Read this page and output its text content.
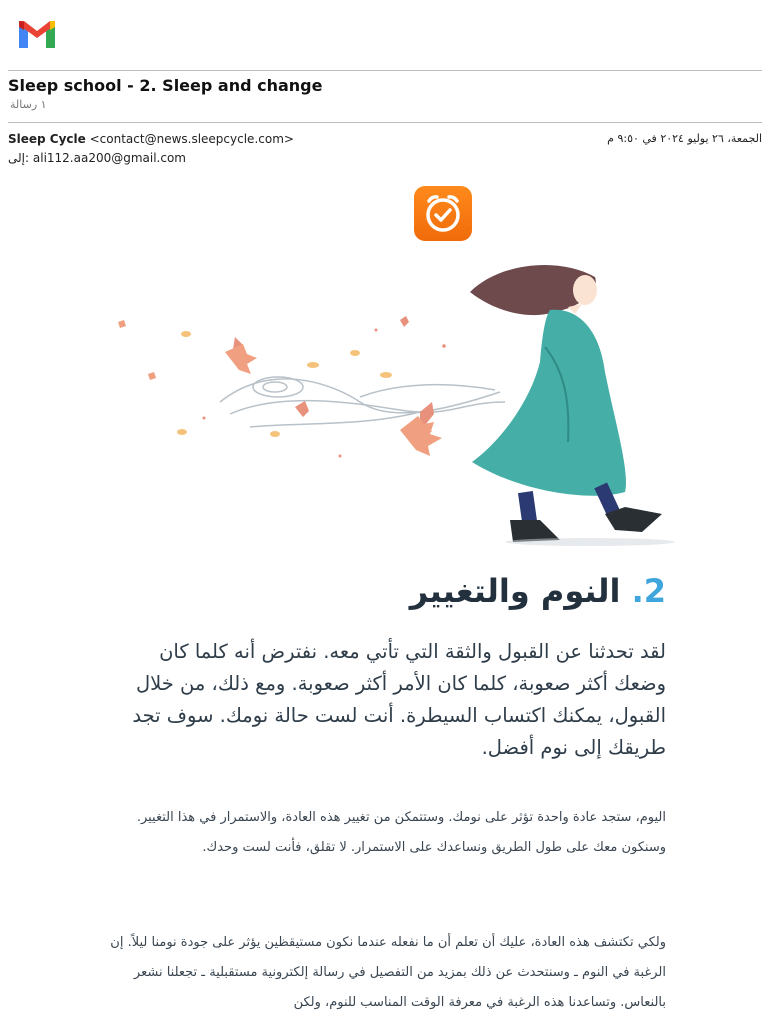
Sleep school - 2. Sleep and change
١ رسالة
Sleep Cycle <contact@news.sleepcycle.com>	الجمعة، ٢٦ يوليو ٢٠٢٤ في ٩:٥٠ م
إلى: ali112.aa200@gmail.com
2. النوم والتغيير

لقد تحدثنا عن القبول والثقة التي تأتي معه. نفترض أنه كلما كان وضعك أكثر صعوبة، كلما كان الأمر أكثر صعوبة. ومع ذلك، من خلال القبول، يمكنك اكتساب السيطرة. أنت لست حالة نومك. سوف تجد طريقك إلى نوم أفضل.

اليوم، ستجد عادة واحدة تؤثر على نومك. وستتمكن من تغيير هذه العادة، والاستمرار في هذا التغيير. وسنكون معك على طول الطريق ونساعدك على الاستمرار. لا تقلق، فأنت لست وحدك.

ولكي تكتشف هذه العادة، عليك أن تعلم أن ما نفعله عندما نكون مستيقظين يؤثر على جودة نومنا ليلاً. إن الرغبة في النوم ـ وسنتحدث عن ذلك بمزيد من التفصيل في رسالة إلكترونية مستقبلية ـ تجعلنا نشعر بالنعاس. وتساعدنا هذه الرغبة في معرفة الوقت المناسب للنوم، ولكن
